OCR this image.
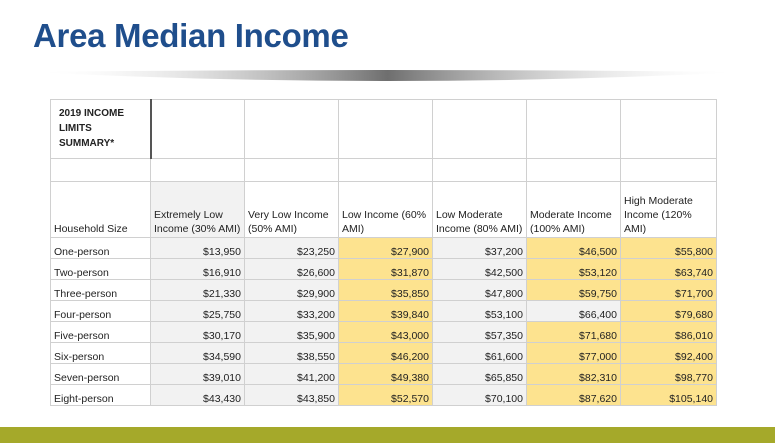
Area Median Income
2019 INCOME LIMITS SUMMARY*						

Household Size	Extremely Low Income (30% AMI)	Very Low Income (50% AMI)	Low Income (60% AMI)	Low Moderate Income (80% AMI)	Moderate Income (100% AMI)	High Moderate Income (120% AMI)
One-person	$13,950	$23,250	$27,900	$37,200	$46,500	$55,800
Two-person	$16,910	$26,600	$31,870	$42,500	$53,120	$63,740
Three-person	$21,330	$29,900	$35,850	$47,800	$59,750	$71,700
Four-person	$25,750	$33,200	$39,840	$53,100	$66,400	$79,680
Five-person	$30,170	$35,900	$43,000	$57,350	$71,680	$86,010
Six-person	$34,590	$38,550	$46,200	$61,600	$77,000	$92,400
Seven-person	$39,010	$41,200	$49,380	$65,850	$82,310	$98,770
Eight-person	$43,430	$43,850	$52,570	$70,100	$87,620	$105,140
